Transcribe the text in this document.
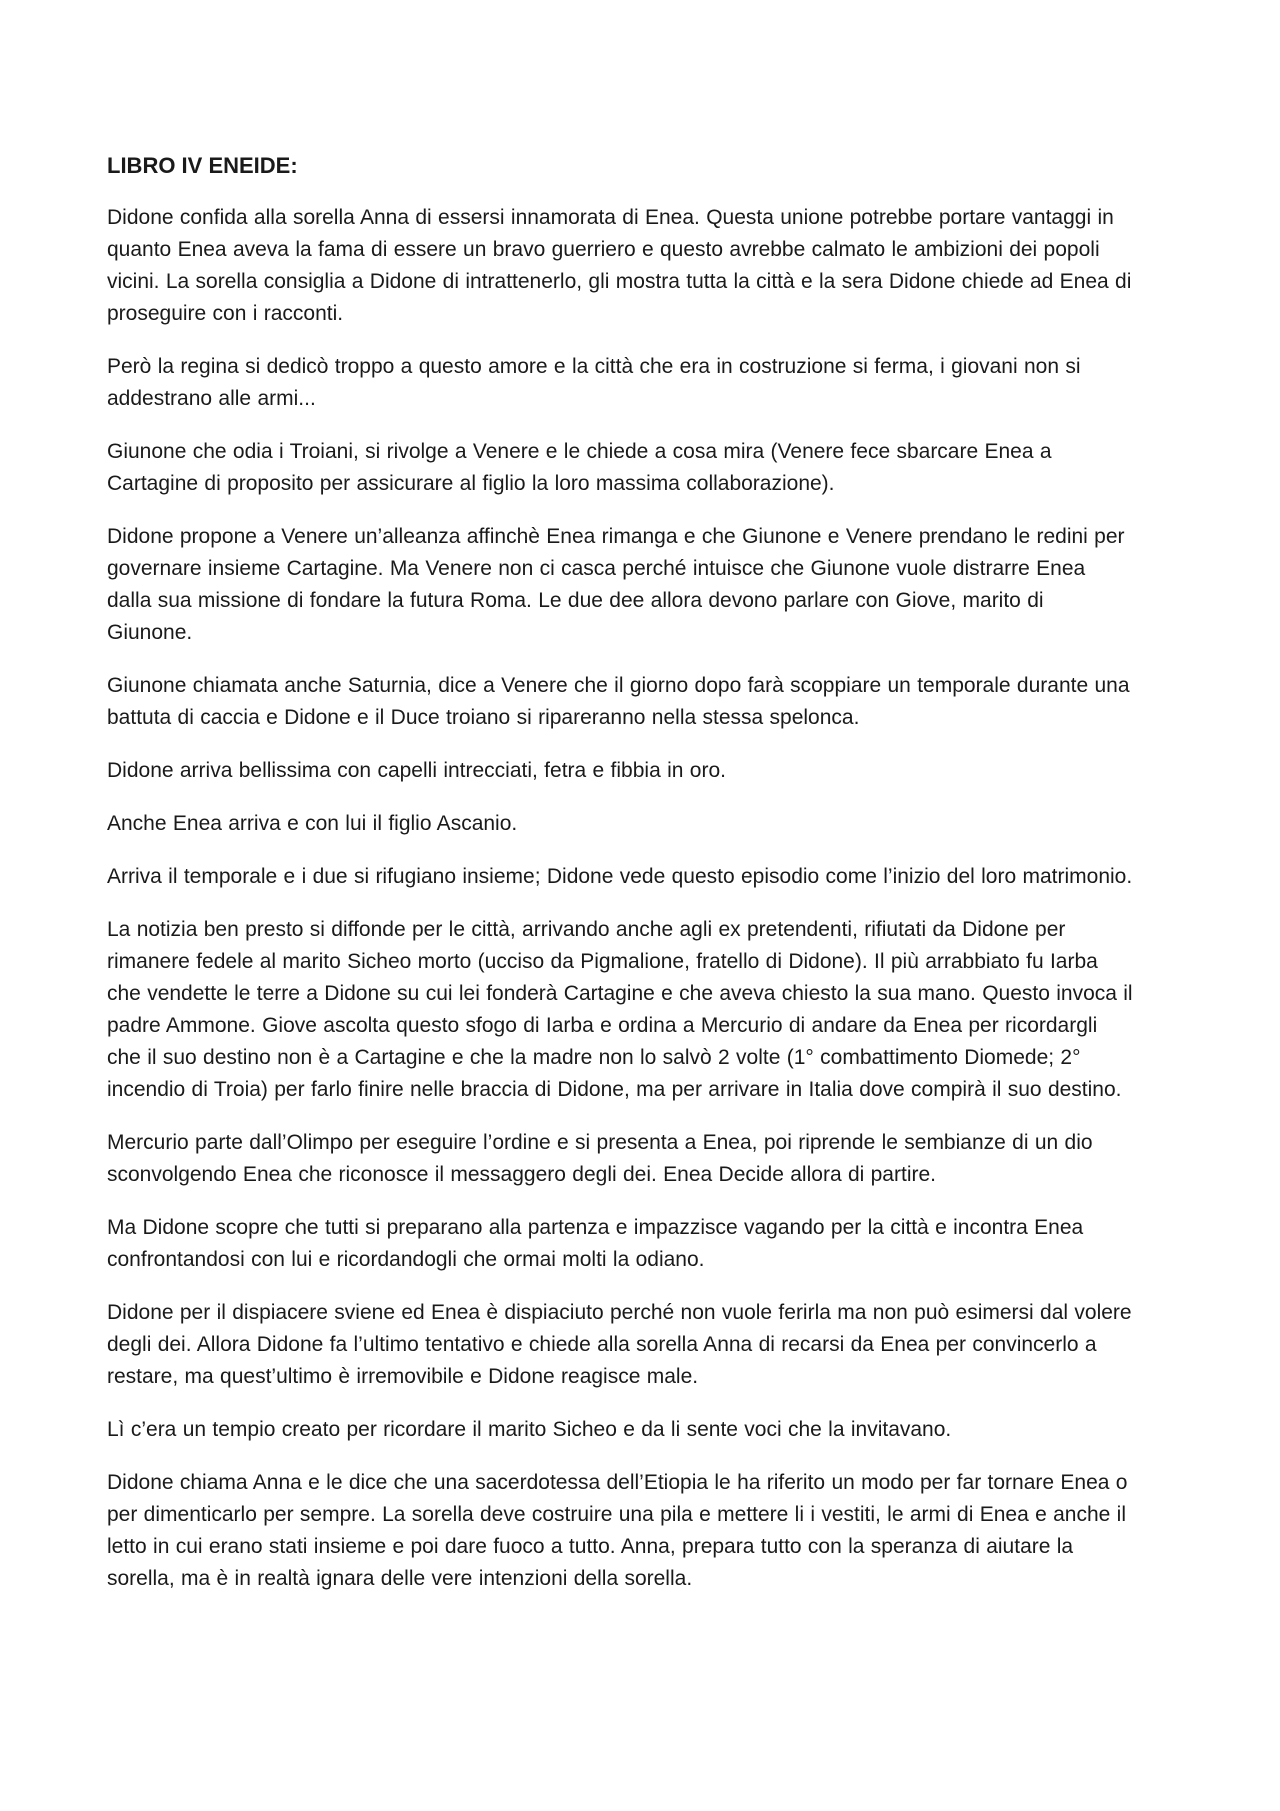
LIBRO IV ENEIDE:

Didone confida alla sorella Anna di essersi innamorata di Enea. Questa unione potrebbe portare vantaggi in quanto Enea aveva la fama di essere un bravo guerriero e questo avrebbe calmato le ambizioni dei popoli vicini. La sorella consiglia a Didone di intrattenerlo, gli mostra tutta la città e la sera Didone chiede ad Enea di proseguire con i racconti.

Però la regina si dedicò troppo a questo amore e la città che era in costruzione si ferma, i giovani non si addestrano alle armi...

Giunone che odia i Troiani, si rivolge a Venere e le chiede a cosa mira (Venere fece sbarcare Enea a Cartagine di proposito per assicurare al figlio la loro massima collaborazione).

Didone propone a Venere un’alleanza affinchè Enea rimanga e che Giunone e Venere prendano le redini per governare insieme Cartagine. Ma Venere non ci casca perché intuisce che Giunone vuole distrarre Enea dalla sua missione di fondare la futura Roma. Le due dee allora devono parlare con Giove, marito di Giunone.

Giunone chiamata anche Saturnia, dice a Venere che il giorno dopo farà scoppiare un temporale durante una battuta di caccia e Didone e il Duce troiano si ripareranno nella stessa spelonca.

Didone arriva bellissima con capelli intrecciati, fetra e fibbia in oro.

Anche Enea arriva e con lui il figlio Ascanio.

Arriva il temporale e i due si rifugiano insieme; Didone vede questo episodio come l’inizio del loro matrimonio.

La notizia ben presto si diffonde per le città, arrivando anche agli ex pretendenti, rifiutati da Didone per rimanere fedele al marito Sicheo morto (ucciso da Pigmalione, fratello di Didone). Il più arrabbiato fu Iarba che vendette le terre a Didone su cui lei fonderà Cartagine e che aveva chiesto la sua mano. Questo invoca il padre Ammone. Giove ascolta questo sfogo di Iarba e ordina a Mercurio di andare da Enea per ricordargli che il suo destino non è a Cartagine e che la madre non lo salvò 2 volte (1° combattimento Diomede; 2° incendio di Troia) per farlo finire nelle braccia di Didone, ma per arrivare in Italia dove compirà il suo destino.

Mercurio parte dall’Olimpo per eseguire l’ordine e si presenta a Enea, poi riprende le sembianze di un dio sconvolgendo Enea che riconosce il messaggero degli dei. Enea Decide allora di partire.

Ma Didone scopre che tutti si preparano alla partenza e impazzisce vagando per la città e incontra Enea confrontandosi con lui e ricordandogli che ormai molti la odiano.

Didone per il dispiacere sviene ed Enea è dispiaciuto perché non vuole ferirla ma non può esimersi dal volere degli dei. Allora Didone fa l’ultimo tentativo e chiede alla sorella Anna di recarsi da Enea per convincerlo a restare, ma quest’ultimo è irremovibile e Didone reagisce male.

Lì c’era un tempio creato per ricordare il marito Sicheo e da li sente voci che la invitavano.

Didone chiama Anna e le dice che una sacerdotessa dell’Etiopia le ha riferito un modo per far tornare Enea o per dimenticarlo per sempre. La sorella deve costruire una pila e mettere li i vestiti, le armi di Enea e anche il letto in cui erano stati insieme e poi dare fuoco a tutto. Anna, prepara tutto con la speranza di aiutare la sorella, ma è in realtà ignara delle vere intenzioni della sorella.
